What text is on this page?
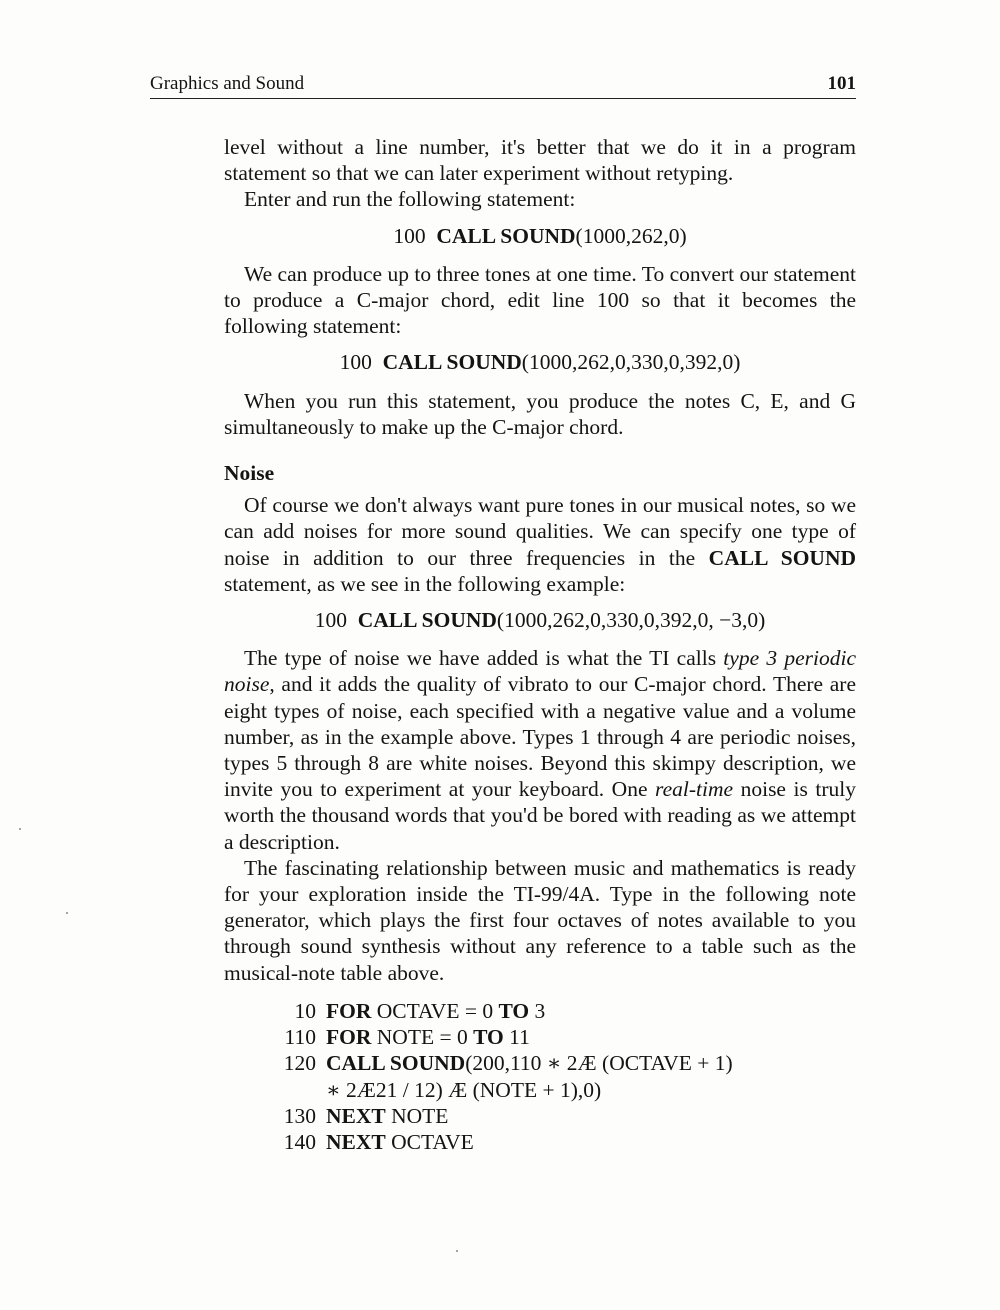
Graphics and Sound	101

level without a line number, it's better that we do it in a program statement so that we can later experiment without retyping.

Enter and run the following statement:

100 CALL SOUND(1000,262,0)

We can produce up to three tones at one time. To convert our statement to produce a C-major chord, edit line 100 so that it becomes the following statement:

100 CALL SOUND(1000,262,0,330,0,392,0)

When you run this statement, you produce the notes C, E, and G simultaneously to make up the C-major chord.

Noise

Of course we don't always want pure tones in our musical notes, so we can add noises for more sound qualities. We can specify one type of noise in addition to our three frequencies in the CALL SOUND statement, as we see in the following example:

100 CALL SOUND(1000,262,0,330,0,392,0, −3,0)

The type of noise we have added is what the TI calls type 3 periodic noise, and it adds the quality of vibrato to our C-major chord. There are eight types of noise, each specified with a negative value and a volume number, as in the example above. Types 1 through 4 are periodic noises, types 5 through 8 are white noises. Beyond this skimpy description, we invite you to experiment at your keyboard. One real-time noise is truly worth the thousand words that you'd be bored with reading as we attempt a description.

The fascinating relationship between music and mathematics is ready for your exploration inside the TI-99/4A. Type in the following note generator, which plays the first four octaves of notes available to you through sound synthesis without any reference to a table such as the musical-note table above.

10 FOR OCTAVE = 0 TO 3
110 FOR NOTE = 0 TO 11
120 CALL SOUND(200,110 ∗ 2Æ (OCTAVE + 1)
∗ 2Æ21 / 12) Æ (NOTE + 1),0)
130 NEXT NOTE
140 NEXT OCTAVE
